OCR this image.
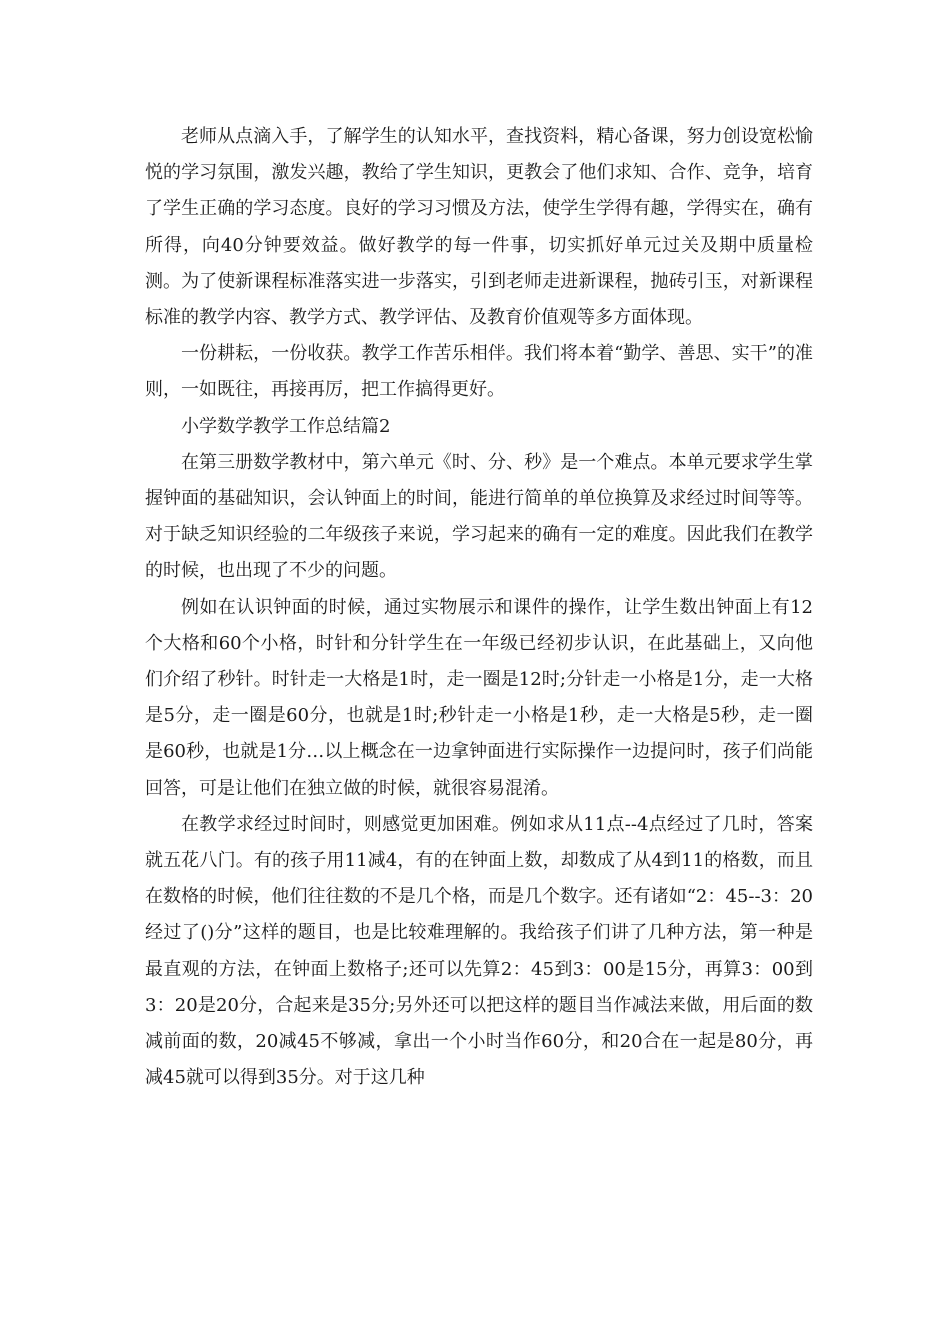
老师从点滴入手，了解学生的认知水平，查找资料，精心备课，努力创设宽松愉悦的学习氛围，激发兴趣，教给了学生知识，更教会了他们求知、合作、竞争，培育了学生正确的学习态度。良好的学习习惯及方法，使学生学得有趣，学得实在，确有所得，向40分钟要效益。做好教学的每一件事，切实抓好单元过关及期中质量检测。为了使新课程标准落实进一步落实，引到老师走进新课程，抛砖引玉，对新课程标准的教学内容、教学方式、教学评估、及教育价值观等多方面体现。

一份耕耘，一份收获。教学工作苦乐相伴。我们将本着“勤学、善思、实干”的准则，一如既往，再接再厉，把工作搞得更好。

小学数学教学工作总结篇2

在第三册数学教材中，第六单元《时、分、秒》是一个难点。本单元要求学生掌握钟面的基础知识，会认钟面上的时间，能进行简单的单位换算及求经过时间等等。对于缺乏知识经验的二年级孩子来说，学习起来的确有一定的难度。因此我们在教学的时候，也出现了不少的问题。

例如在认识钟面的时候，通过实物展示和课件的操作，让学生数出钟面上有12个大格和60个小格，时针和分针学生在一年级已经初步认识，在此基础上，又向他们介绍了秒针。时针走一大格是1时，走一圈是12时;分针走一小格是1分，走一大格是5分，走一圈是60分，也就是1时;秒针走一小格是1秒，走一大格是5秒，走一圈是60秒，也就是1分…以上概念在一边拿钟面进行实际操作一边提问时，孩子们尚能回答，可是让他们在独立做的时候，就很容易混淆。

在教学求经过时间时，则感觉更加困难。例如求从11点--4点经过了几时，答案就五花八门。有的孩子用11减4，有的在钟面上数，却数成了从4到11的格数，而且在数格的时候，他们往往数的不是几个格，而是几个数字。还有诸如“2：45--3：20经过了()分”这样的题目，也是比较难理解的。我给孩子们讲了几种方法，第一种是最直观的方法，在钟面上数格子;还可以先算2：45到3：00是15分，再算3：00到3：20是20分，合起来是35分;另外还可以把这样的题目当作减法来做，用后面的数减前面的数，20减45不够减，拿出一个小时当作60分，和20合在一起是80分，再减45就可以得到35分。对于这几种
